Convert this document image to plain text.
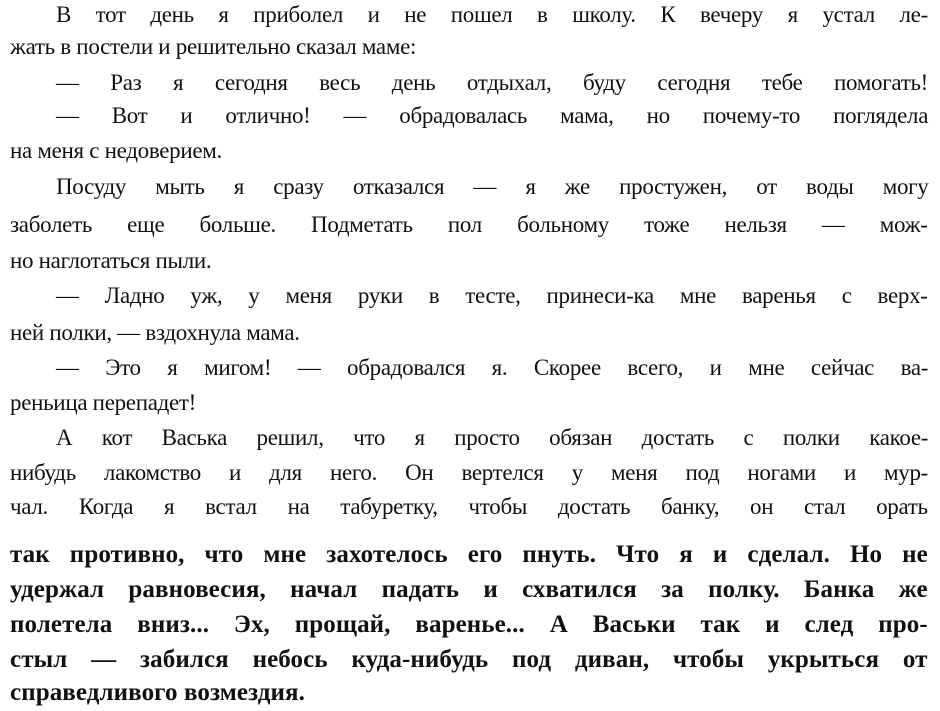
В тот день я приболел и не пошел в школу. К вечеру я устал ле-
жать в постели и решительно сказал маме:
— Раз я сегодня весь день отдыхал, буду сегодня тебе помогать!
— Вот и отлично! — обрадовалась мама, но почему-то поглядела
на меня с недоверием.
Посуду мыть я сразу отказался — я же простужен, от воды могу
заболеть еще больше. Подметать пол больному тоже нельзя — мож-
но наглотаться пыли.
— Ладно уж, у меня руки в тесте, принеси-ка мне варенья с верх-
ней полки, — вздохнула мама.
— Это я мигом! — обрадовался я. Скорее всего, и мне сейчас ва-
реньица перепадет!
А кот Васька решил, что я просто обязан достать с полки какое-
нибудь лакомство и для него. Он вертелся у меня под ногами и мур-
чал. Когда я встал на табуретку, чтобы достать банку, он стал орать
так противно, что мне захотелось его пнуть. Что я и сделал. Но не
удержал равновесия, начал падать и схватился за полку. Банка же
полетела вниз... Эх, прощай, варенье... А Васьки так и след про-
стыл — забился небось куда-нибудь под диван, чтобы укрыться от
справедливого возмездия.
